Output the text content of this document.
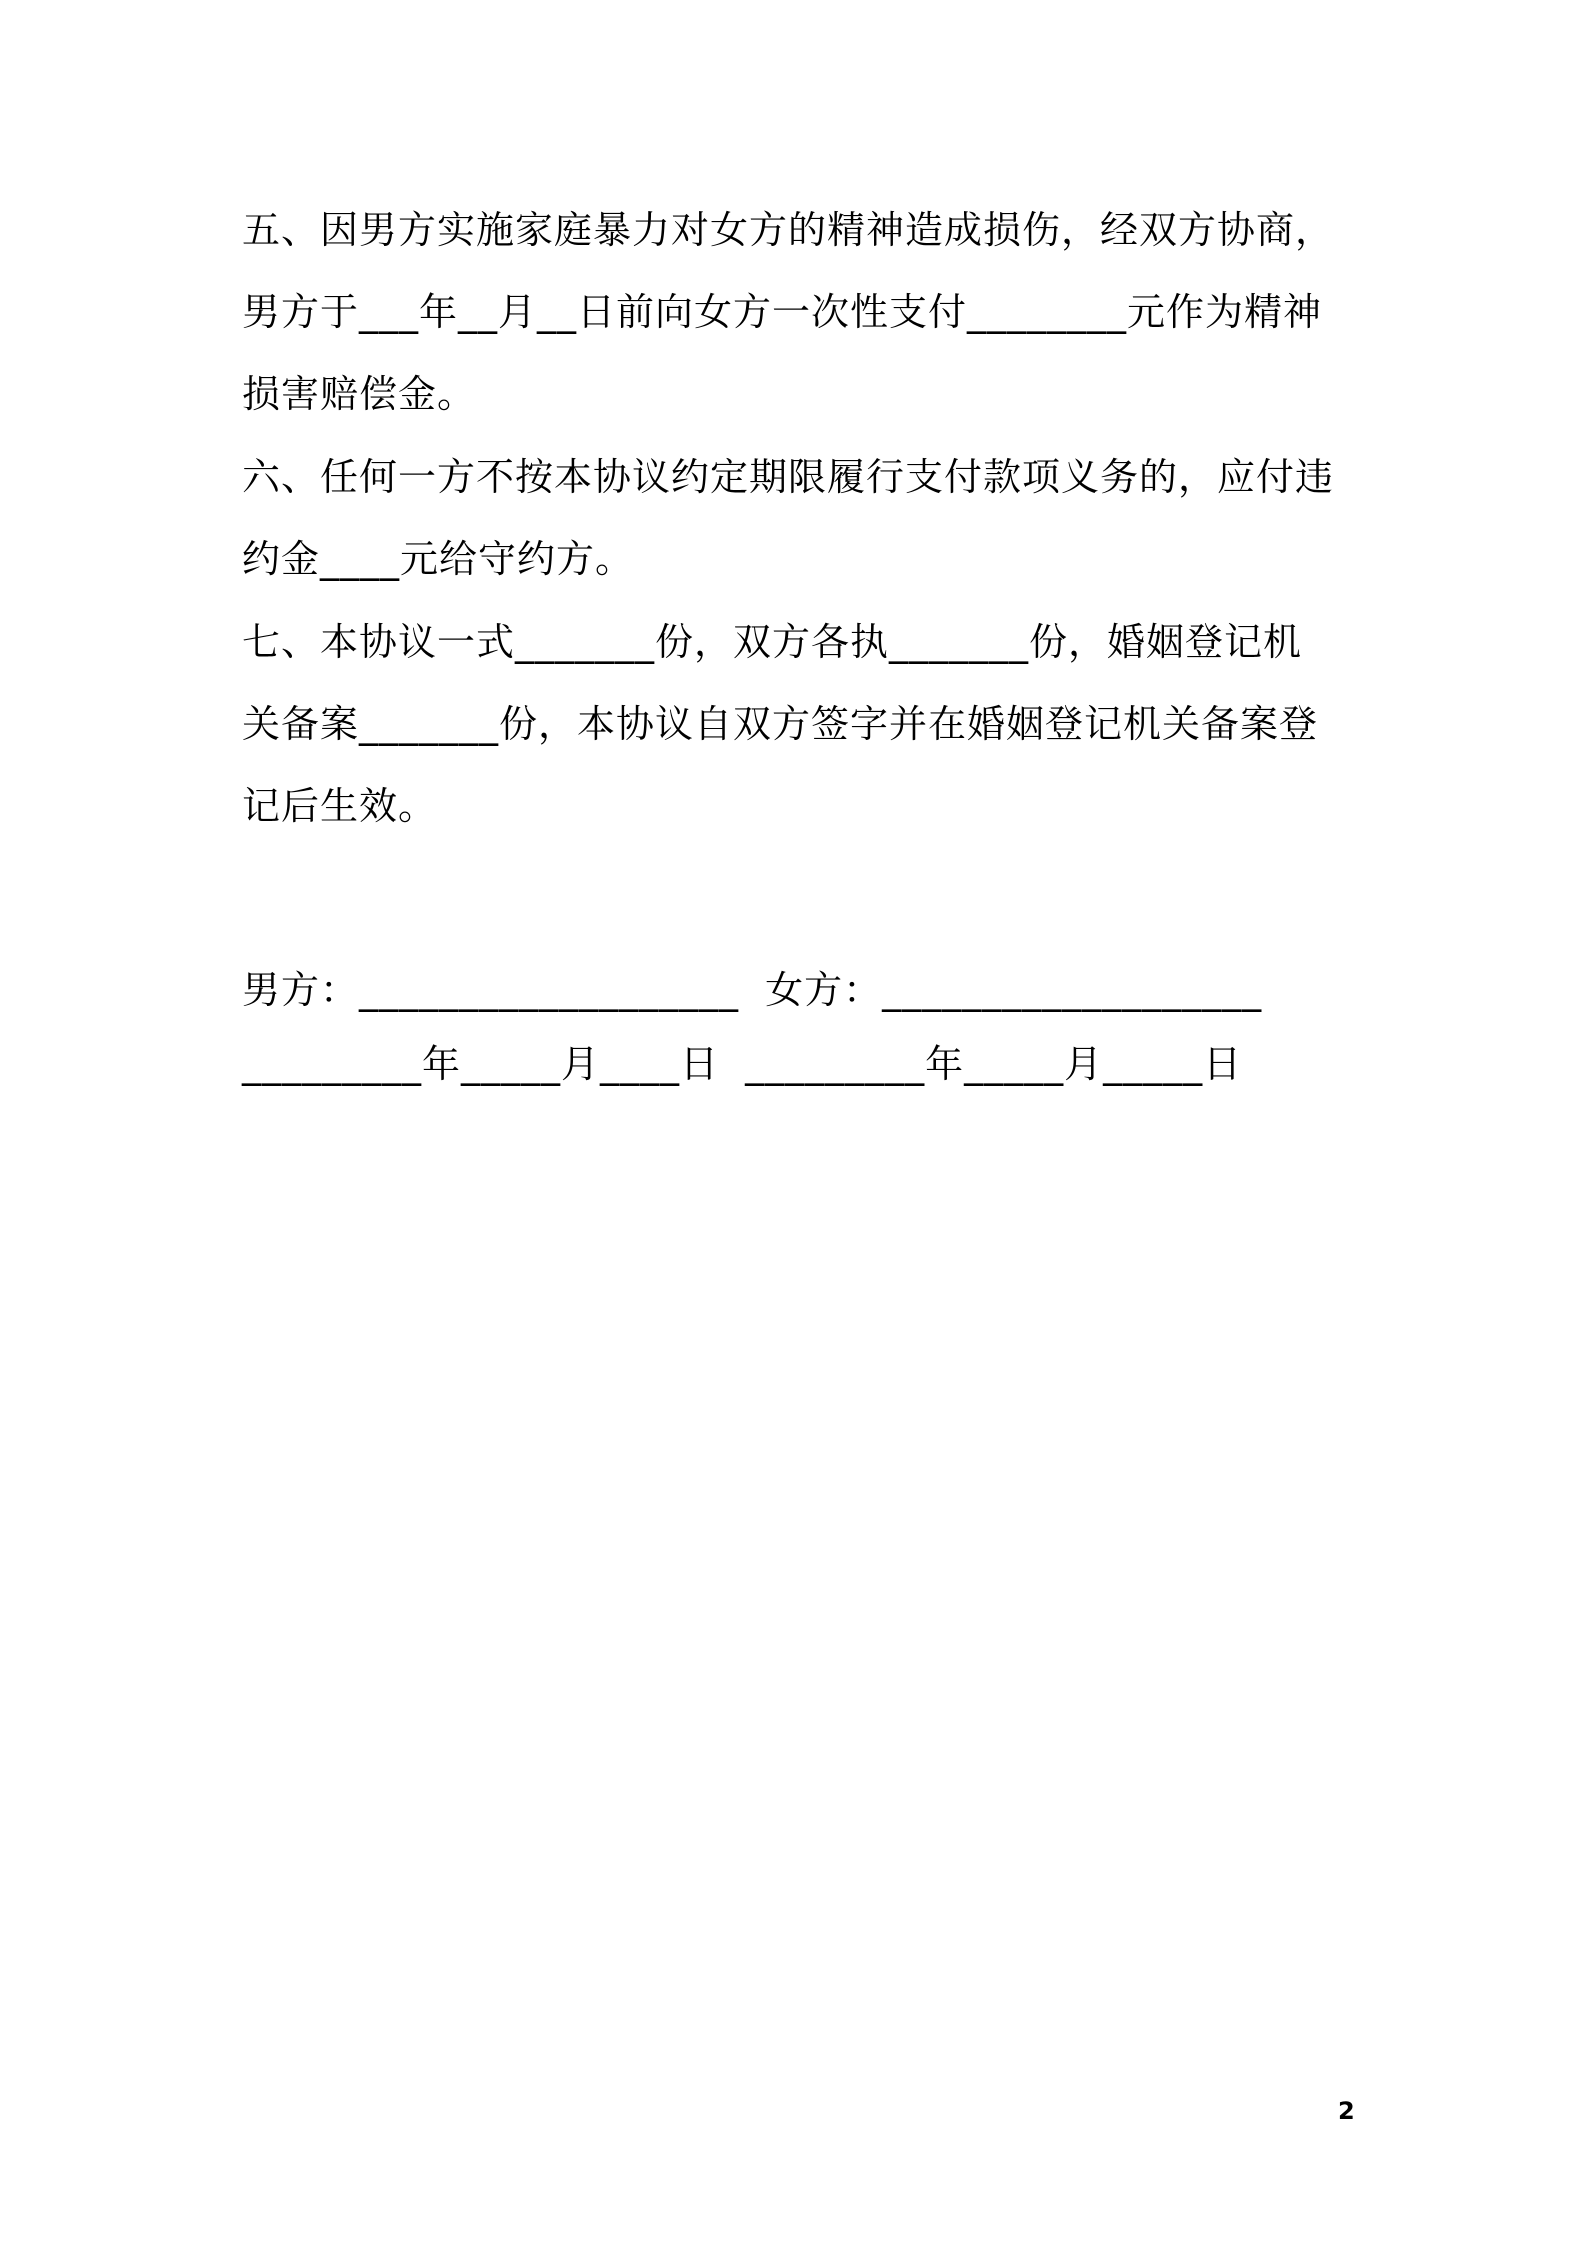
五、因男方实施家庭暴力对女方的精神造成损伤，经双方协商，
男方于___年__月__日前向女方一次性支付________元作为精神
损害赔偿金。
六、任何一方不按本协议约定期限履行支付款项义务的，应付违
约金____元给守约方。
七、本协议一式_______份，双方各执_______份，婚姻登记机
关备案_______份，本协议自双方签字并在婚姻登记机关备案登
记后生效。
男方：___________________  女方：___________________
_________年_____月____日  _________年_____月_____日
2
